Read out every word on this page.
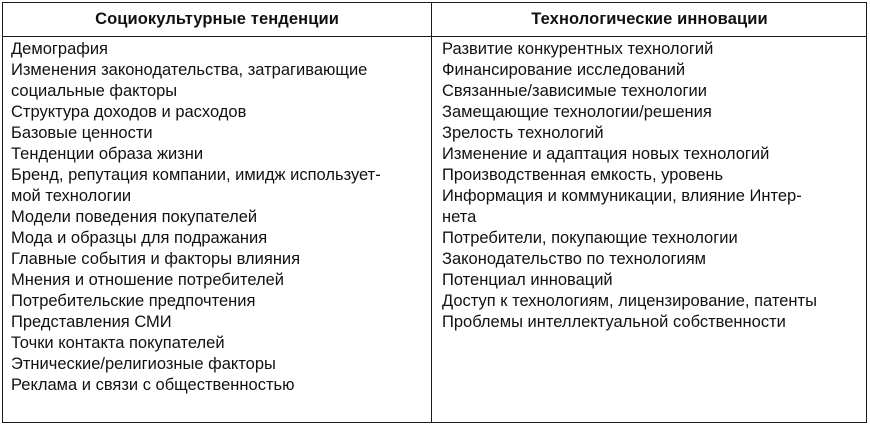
Социокультурные тенденции	Технологические инновации
Демография
Изменения законодательства, затрагивающие
социальные факторы
Структура доходов и расходов
Базовые ценности
Тенденции образа жизни
Бренд, репутация компании, имидж использует-
мой технологии
Модели поведения покупателей
Мода и образцы для подражания
Главные события и факторы влияния
Мнения и отношение потребителей
Потребительские предпочтения
Представления СМИ
Точки контакта покупателей
Этнические/религиозные факторы
Реклама и связи с общественностью
Развитие конкурентных технологий
Финансирование исследований
Связанные/зависимые технологии
Замещающие технологии/решения
Зрелость технологий
Изменение и адаптация новых технологий
Производственная емкость, уровень
Информация и коммуникации, влияние Интер-
нета
Потребители, покупающие технологии
Законодательство по технологиям
Потенциал инноваций
Доступ к технологиям, лицензирование, патенты
Проблемы интеллектуальной собственности
